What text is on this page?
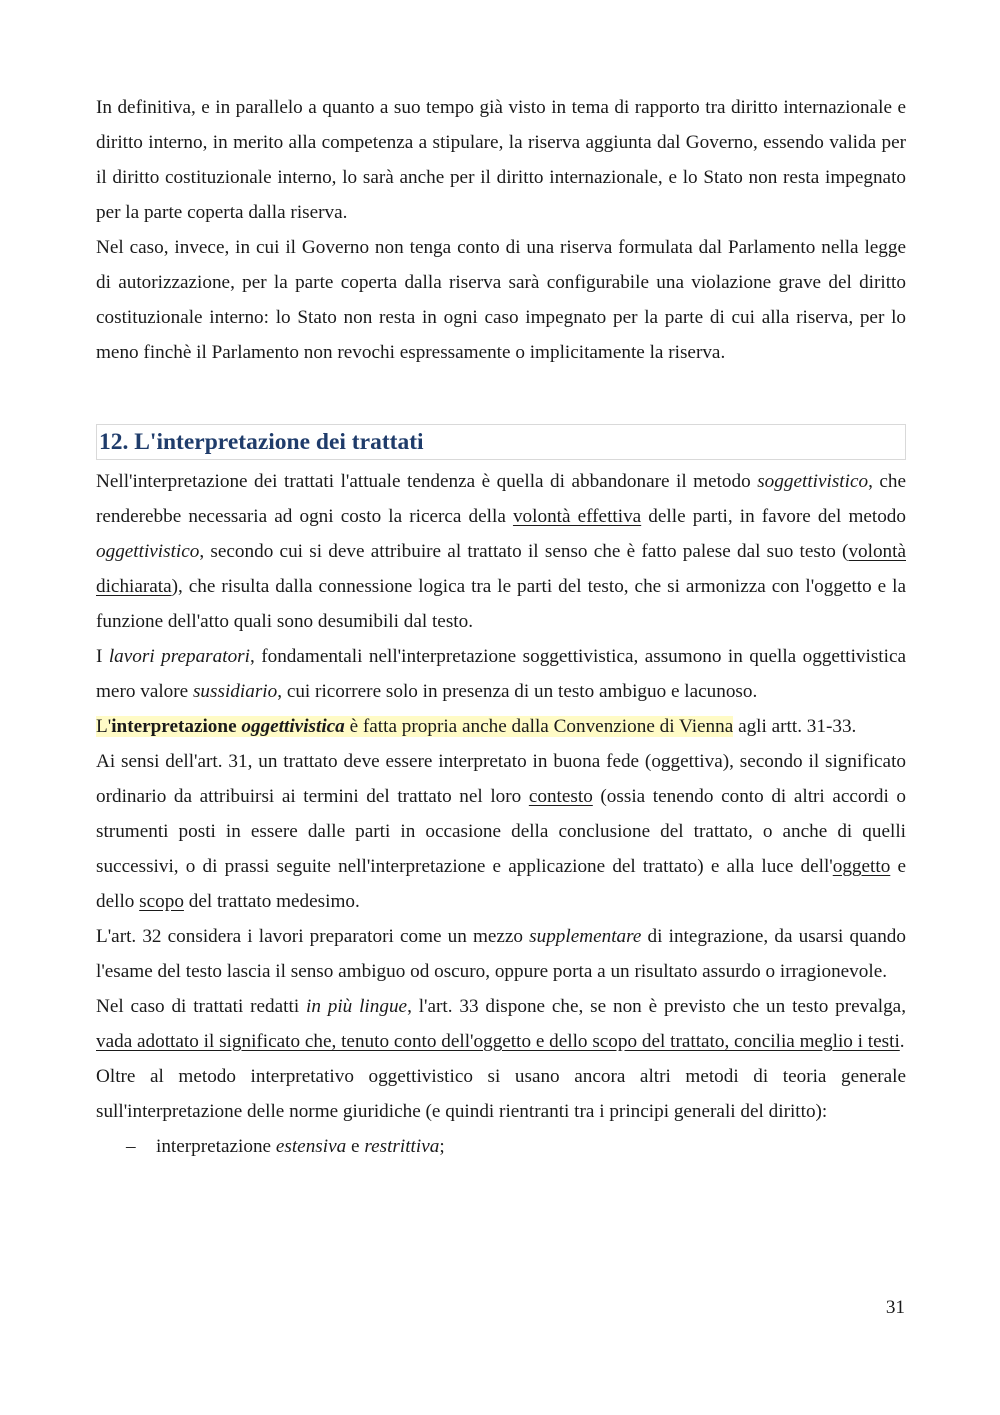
In definitiva, e in parallelo a quanto a suo tempo già visto in tema di rapporto tra diritto internazionale e diritto interno, in merito alla competenza a stipulare, la riserva aggiunta dal Governo, essendo valida per il diritto costituzionale interno, lo sarà anche per il diritto internazionale, e lo Stato non resta impegnato per la parte coperta dalla riserva.

Nel caso, invece, in cui il Governo non tenga conto di una riserva formulata dal Parlamento nella legge di autorizzazione, per la parte coperta dalla riserva sarà configurabile una violazione grave del diritto costituzionale interno: lo Stato non resta in ogni caso impegnato per la parte di cui alla riserva, per lo meno finchè il Parlamento non revochi espressamente o implicitamente la riserva.

12. L'interpretazione dei trattati

Nell'interpretazione dei trattati l'attuale tendenza è quella di abbandonare il metodo soggettivistico, che renderebbe necessaria ad ogni costo la ricerca della volontà effettiva delle parti, in favore del metodo oggettivistico, secondo cui si deve attribuire al trattato il senso che è fatto palese dal suo testo (volontà dichiarata), che risulta dalla connessione logica tra le parti del testo, che si armonizza con l'oggetto e la funzione dell'atto quali sono desumibili dal testo.

I lavori preparatori, fondamentali nell'interpretazione soggettivistica, assumono in quella oggettivistica mero valore sussidiario, cui ricorrere solo in presenza di un testo ambiguo e lacunoso.

L'interpretazione oggettivistica è fatta propria anche dalla Convenzione di Vienna agli artt. 31-33.

Ai sensi dell'art. 31, un trattato deve essere interpretato in buona fede (oggettiva), secondo il significato ordinario da attribuirsi ai termini del trattato nel loro contesto (ossia tenendo conto di altri accordi o strumenti posti in essere dalle parti in occasione della conclusione del trattato, o anche di quelli successivi, o di prassi seguite nell'interpretazione e applicazione del trattato) e alla luce dell'oggetto e dello scopo del trattato medesimo.

L'art. 32 considera i lavori preparatori come un mezzo supplementare di integrazione, da usarsi quando l'esame del testo lascia il senso ambiguo od oscuro, oppure porta a un risultato assurdo o irragionevole.

Nel caso di trattati redatti in più lingue, l'art. 33 dispone che, se non è previsto che un testo prevalga, vada adottato il significato che, tenuto conto dell'oggetto e dello scopo del trattato, concilia meglio i testi.

Oltre al metodo interpretativo oggettivistico si usano ancora altri metodi di teoria generale sull'interpretazione delle norme giuridiche (e quindi rientranti tra i principi generali del diritto):

– interpretazione estensiva e restrittiva;
31
